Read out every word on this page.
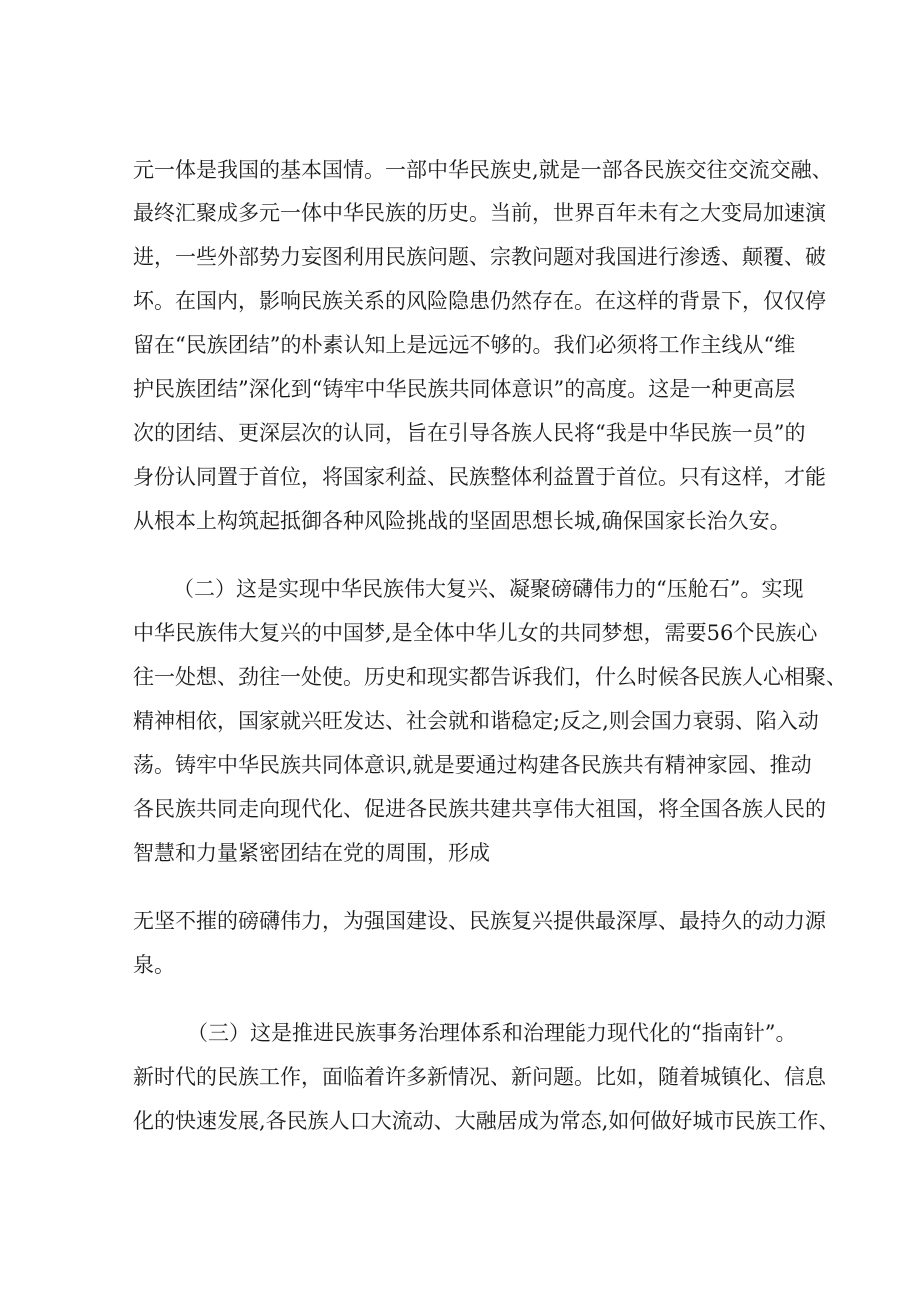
元一体是我国的基本国情。一部中华民族史,就是一部各民族交往交流交融、
最终汇聚成多元一体中华民族的历史。当前，世界百年未有之大变局加速演
进，一些外部势力妄图利用民族问题、宗教问题对我国进行渗透、颠覆、破
坏。在国内，影响民族关系的风险隐患仍然存在。在这样的背景下，仅仅停
留在“民族团结”的朴素认知上是远远不够的。我们必须将工作主线从“维
护民族团结”深化到“铸牢中华民族共同体意识”的高度。这是一种更高层
次的团结、更深层次的认同，旨在引导各族人民将“我是中华民族一员”的
身份认同置于首位，将国家利益、民族整体利益置于首位。只有这样，才能
从根本上构筑起抵御各种风险挑战的坚固思想长城,确保国家长治久安。
（二）这是实现中华民族伟大复兴、凝聚磅礴伟力的“压舱石”。实现
中华民族伟大复兴的中国梦,是全体中华儿女的共同梦想，需要56个民族心
往一处想、劲往一处使。历史和现实都告诉我们，什么时候各民族人心相聚、
精神相依，国家就兴旺发达、社会就和谐稳定;反之,则会国力衰弱、陷入动
荡。铸牢中华民族共同体意识,就是要通过构建各民族共有精神家园、推动
各民族共同走向现代化、促进各民族共建共享伟大祖国，将全国各族人民的
智慧和力量紧密团结在党的周围，形成
无坚不摧的磅礴伟力，为强国建设、民族复兴提供最深厚、最持久的动力源
泉。
（三）这是推进民族事务治理体系和治理能力现代化的“指南针”。
新时代的民族工作，面临着许多新情况、新问题。比如，随着城镇化、信息
化的快速发展,各民族人口大流动、大融居成为常态,如何做好城市民族工作、
